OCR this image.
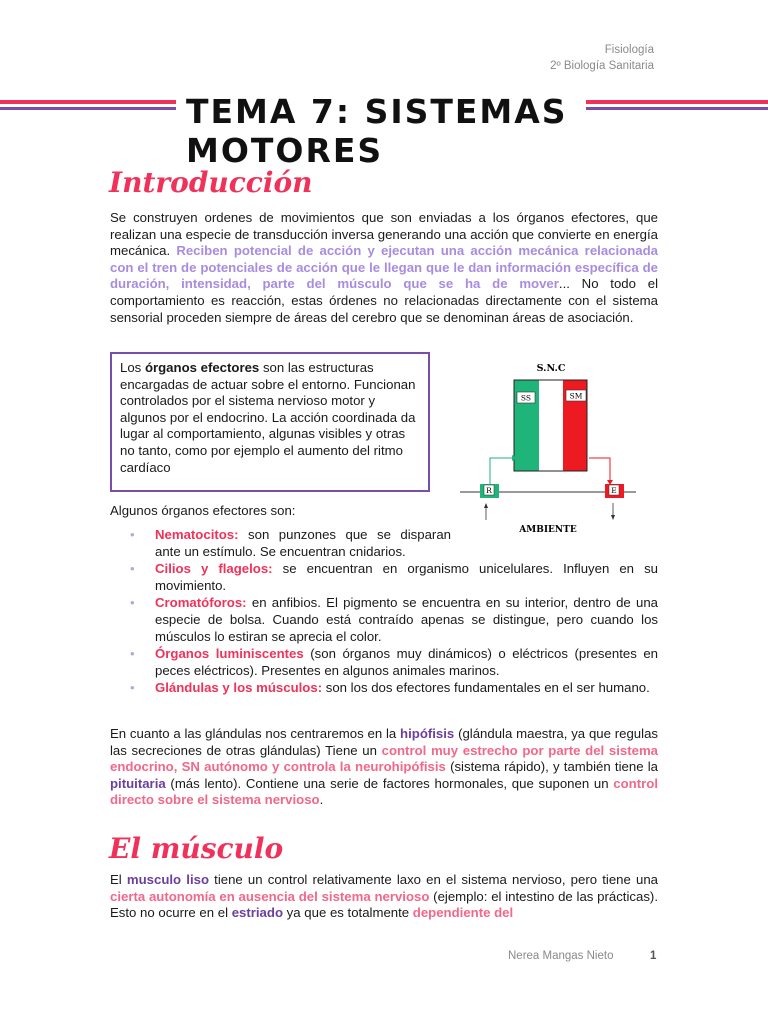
Fisiología
2º Biología Sanitaria
TEMA 7: SISTEMAS MOTORES
Introducción
Se construyen ordenes de movimientos que son enviadas a los órganos efectores, que realizan una especie de transducción inversa generando una acción que convierte en energía mecánica. Reciben potencial de acción y ejecutan una acción mecánica relacionada con el tren de potenciales de acción que le llegan que le dan información específica de duración, intensidad, parte del músculo que se ha de mover... No todo el comportamiento es reacción, estas órdenes no relacionadas directamente con el sistema sensorial proceden siempre de áreas del cerebro que se denominan áreas de asociación.
Los órganos efectores son las estructuras encargadas de actuar sobre el entorno. Funcionan controlados por el sistema nervioso motor y algunos por el endocrino. La acción coordinada da lugar al comportamiento, algunas visibles y otras no tanto, como por ejemplo el aumento del ritmo cardíaco
S.N.C
SS	SM
R	E
AMBIENTE
Algunos órganos efectores son:
• Nematocitos: son punzones que se disparan ante un estímulo. Se encuentran cnidarios.
• Cilios y flagelos: se encuentran en organismo unicelulares. Influyen en su movimiento.
• Cromatóforos: en anfibios. El pigmento se encuentra en su interior, dentro de una especie de bolsa. Cuando está contraído apenas se distingue, pero cuando los músculos lo estiran se aprecia el color.
• Órganos luminiscentes (son órganos muy dinámicos) o eléctricos (presentes en peces eléctricos). Presentes en algunos animales marinos.
• Glándulas y los músculos: son los dos efectores fundamentales en el ser humano.
En cuanto a las glándulas nos centraremos en la hipófisis (glándula maestra, ya que regulas las secreciones de otras glándulas) Tiene un control muy estrecho por parte del sistema endocrino, SN autónomo y controla la neurohipófisis (sistema rápido), y también tiene la pituitaria (más lento). Contiene una serie de factores hormonales, que suponen un control directo sobre el sistema nervioso.
El músculo
El musculo liso tiene un control relativamente laxo en el sistema nervioso, pero tiene una cierta autonomía en ausencia del sistema nervioso (ejemplo: el intestino de las prácticas). Esto no ocurre en el estriado ya que es totalmente dependiente del
Nerea Mangas Nieto	1
